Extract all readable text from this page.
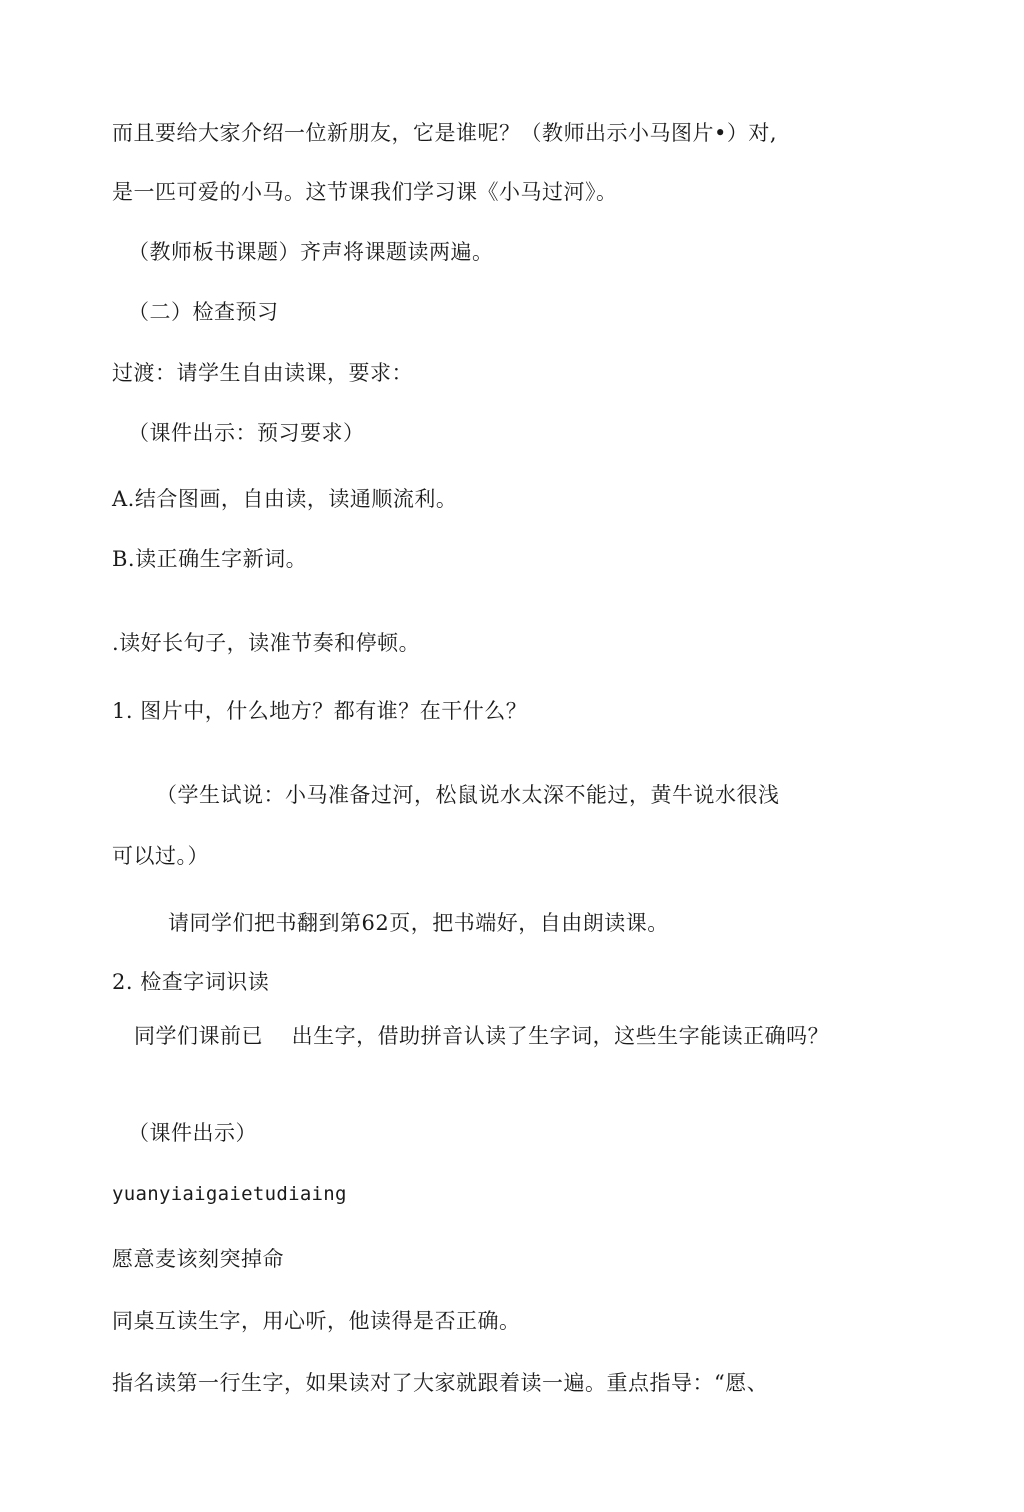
而且要给大家介绍一位新朋友，它是谁呢？（教师出示小马图片•）对,
是一匹可爱的小马。这节课我们学习课《小马过河》。
（教师板书课题）齐声将课题读两遍。
（二）检查预习
过渡：请学生自由读课，要求：
（课件出示：预习要求）
A.结合图画，自由读，读通顺流利。
B.读正确生字新词。
.读好长句子，读准节奏和停顿。
1. 图片中，什么地方？都有谁？在干什么？
（学生试说：小马准备过河，松鼠说水太深不能过，黄牛说水很浅
可以过。）
请同学们把书翻到第62页，把书端好，自由朗读课。
2. 检查字词识读
同学们课前已　 出生字，借助拼音认读了生字词，这些生字能读正确吗？
（课件出示）
yuanyiaigaietudiaing
愿意麦该刻突掉命
同桌互读生字，用心听，他读得是否正确。
指名读第一行生字，如果读对了大家就跟着读一遍。重点指导：“愿、
